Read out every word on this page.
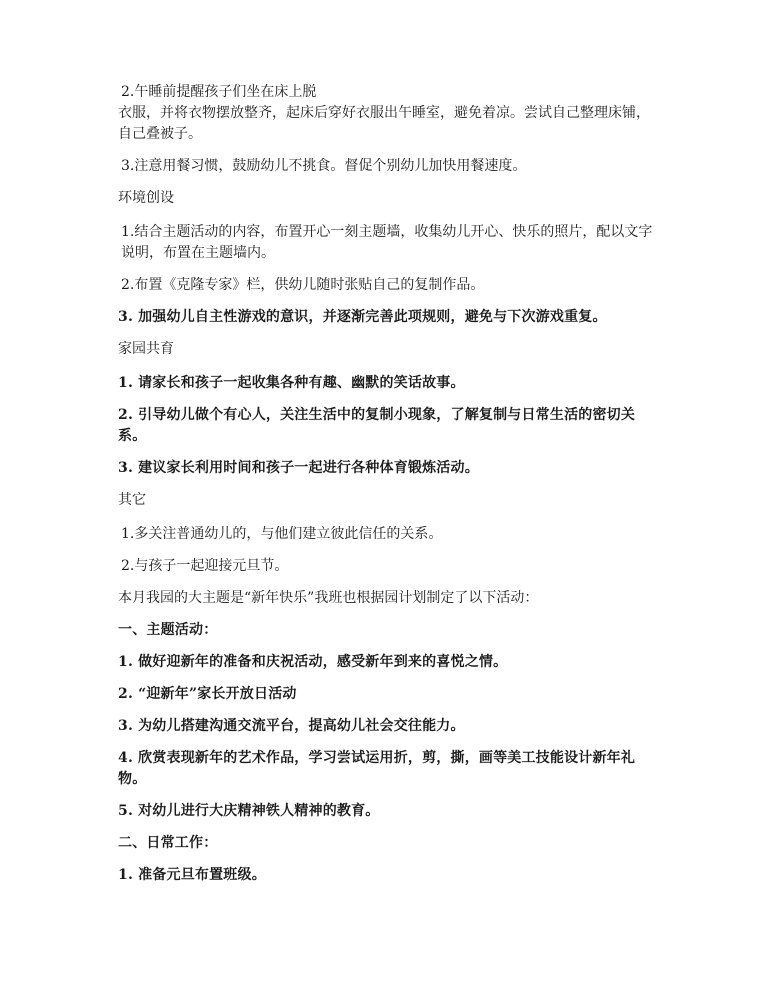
2.午睡前提醒孩子们坐在床上脱

衣服，并将衣物摆放整齐，起床后穿好衣服出午睡室，避免着凉。尝试自己整理床铺，自己叠被子。

3.注意用餐习惯，鼓励幼儿不挑食。督促个别幼儿加快用餐速度。

环境创设

1.结合主题活动的内容，布置开心一刻主题墙，收集幼儿开心、快乐的照片，配以文字说明，布置在主题墙内。

2.布置《克隆专家》栏，供幼儿随时张贴自己的复制作品。

3. 加强幼儿自主性游戏的意识，并逐渐完善此项规则，避免与下次游戏重复。

家园共育

1. 请家长和孩子一起收集各种有趣、幽默的笑话故事。

2. 引导幼儿做个有心人，关注生活中的复制小现象，了解复制与日常生活的密切关系。

3. 建议家长利用时间和孩子一起进行各种体育锻炼活动。

其它

1.多关注普通幼儿的，与他们建立彼此信任的关系。

2.与孩子一起迎接元旦节。

本月我园的大主题是“新年快乐”我班也根据园计划制定了以下活动：

一、主题活动：

1. 做好迎新年的准备和庆祝活动，感受新年到来的喜悦之情。

2. “迎新年”家长开放日活动

3. 为幼儿搭建沟通交流平台，提高幼儿社会交往能力。

4. 欣赏表现新年的艺术作品，学习尝试运用折，剪，撕，画等美工技能设计新年礼物。

5. 对幼儿进行大庆精神铁人精神的教育。

二、日常工作：

1. 准备元旦布置班级。
